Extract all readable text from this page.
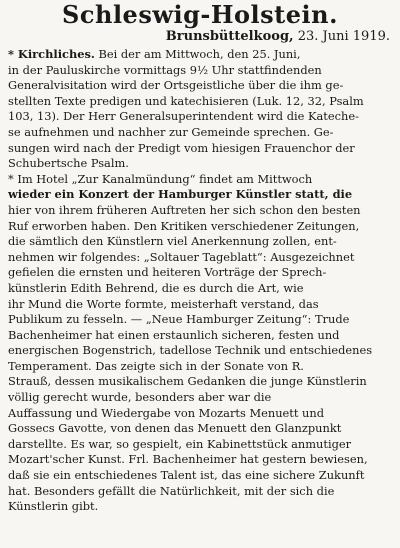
Schleswig-Holstein.
Brunsbüttelkoog, 23. Juni 1919.
* Kirchliches. Bei der am Mittwoch, den 25. Juni,
in der Pauluskirche vormittags 9½ Uhr stattfindenden
Generalvisitation wird der Ortsgeistliche über die ihm ge-
stellten Texte predigen und katechisieren (Luk. 12, 32, Psalm
103, 13). Der Herr Generalsuperintendent wird die Kateche-
se aufnehmen und nachher zur Gemeinde sprechen. Ge-
sungen wird nach der Predigt vom hiesigen Frauenchor der
Schubertsche Psalm.
* Im Hotel „Zur Kanalmündung“ findet am Mittwoch
wieder ein Konzert der Hamburger Künstler statt, die
hier von ihrem früheren Auftreten her sich schon den besten
Ruf erworben haben. Den Kritiken verschiedener Zeitungen,
die sämtlich den Künstlern viel Anerkennung zollen, ent-
nehmen wir folgendes: „Soltauer Tageblatt“: Ausgezeichnet
gefielen die ernsten und heiteren Vorträge der Sprech-
künstlerin Edith Behrend, die es durch die Art, wie
ihr Mund die Worte formte, meisterhaft verstand, das
Publikum zu fesseln. — „Neue Hamburger Zeitung“: Trude
Bachenheimer hat einen erstaunlich sicheren, festen und
energischen Bogenstrich, tadellose Technik und entschiedenes
Temperament. Das zeigte sich in der Sonate von R.
Strauß, dessen musikalischem Gedanken die junge Künstlerin
völlig gerecht wurde, besonders aber war die
Auffassung und Wiedergabe von Mozarts Menuett und
Gossecs Gavotte, von denen das Menuett den Glanzpunkt
darstellte. Es war, so gespielt, ein Kabinettstück anmutiger
Mozart'scher Kunst. Frl. Bachenheimer hat gestern bewiesen,
daß sie ein entschiedenes Talent ist, das eine sichere Zukunft
hat. Besonders gefällt die Natürlichkeit, mit der sich die
Künstlerin gibt.
